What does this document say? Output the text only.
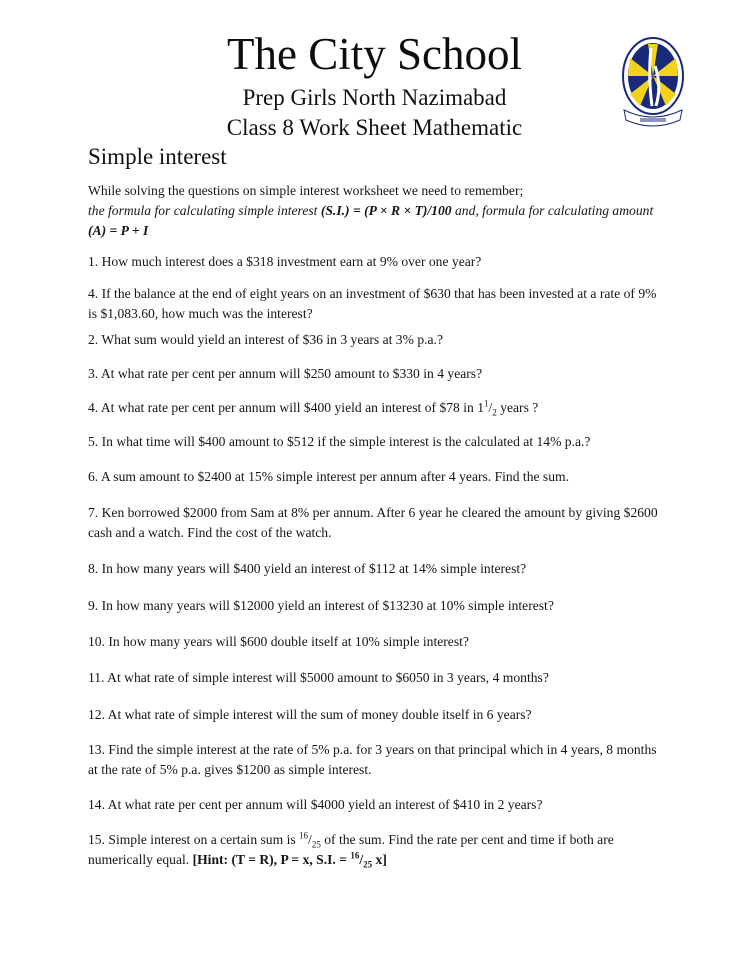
The City School
Prep Girls North Nazimabad
Class 8 Work Sheet Mathematic
Simple interest
While solving the questions on simple interest worksheet we need to remember;
the formula for calculating simple interest (S.I.) = (P × R × T)/100 and, formula for calculating amount (A) = P + I
1. How much interest does a $318 investment earn at 9% over one year?
4. If the balance at the end of eight years on an investment of $630 that has been invested at a rate of 9% is $1,083.60, how much was the interest?
2. What sum would yield an interest of $36 in 3 years at 3% p.a.?
3. At what rate per cent per annum will $250 amount to $330 in 4 years?
4. At what rate per cent per annum will $400 yield an interest of $78 in $1^1/_2$ years ?
5. In what time will $400 amount to $512 if the simple interest is the calculated at 14% p.a.?
6. A sum amount to $2400 at 15% simple interest per annum after 4 years. Find the sum.
7. Ken borrowed $2000 from Sam at 8% per annum. After 6 year he cleared the amount by giving $2600 cash and a watch. Find the cost of the watch.
8. In how many years will $400 yield an interest of $112 at 14% simple interest?
9. In how many years will $12000 yield an interest of $13230 at 10% simple interest?
10. In how many years will $600 double itself at 10% simple interest?
11. At what rate of simple interest will $5000 amount to $6050 in 3 years, 4 months?
12. At what rate of simple interest will the sum of money double itself in 6 years?
13. Find the simple interest at the rate of 5% p.a. for 3 years on that principal which in 4 years, 8 months at the rate of 5% p.a. gives $1200 as simple interest.
14. At what rate per cent per annum will $4000 yield an interest of $410 in 2 years?
15. Simple interest on a certain sum is $^{16}/_{25}$ of the sum. Find the rate per cent and time if both are numerically equal. [Hint: (T = R), P = x, S.I. = $^{16}/_{25}$ x]
